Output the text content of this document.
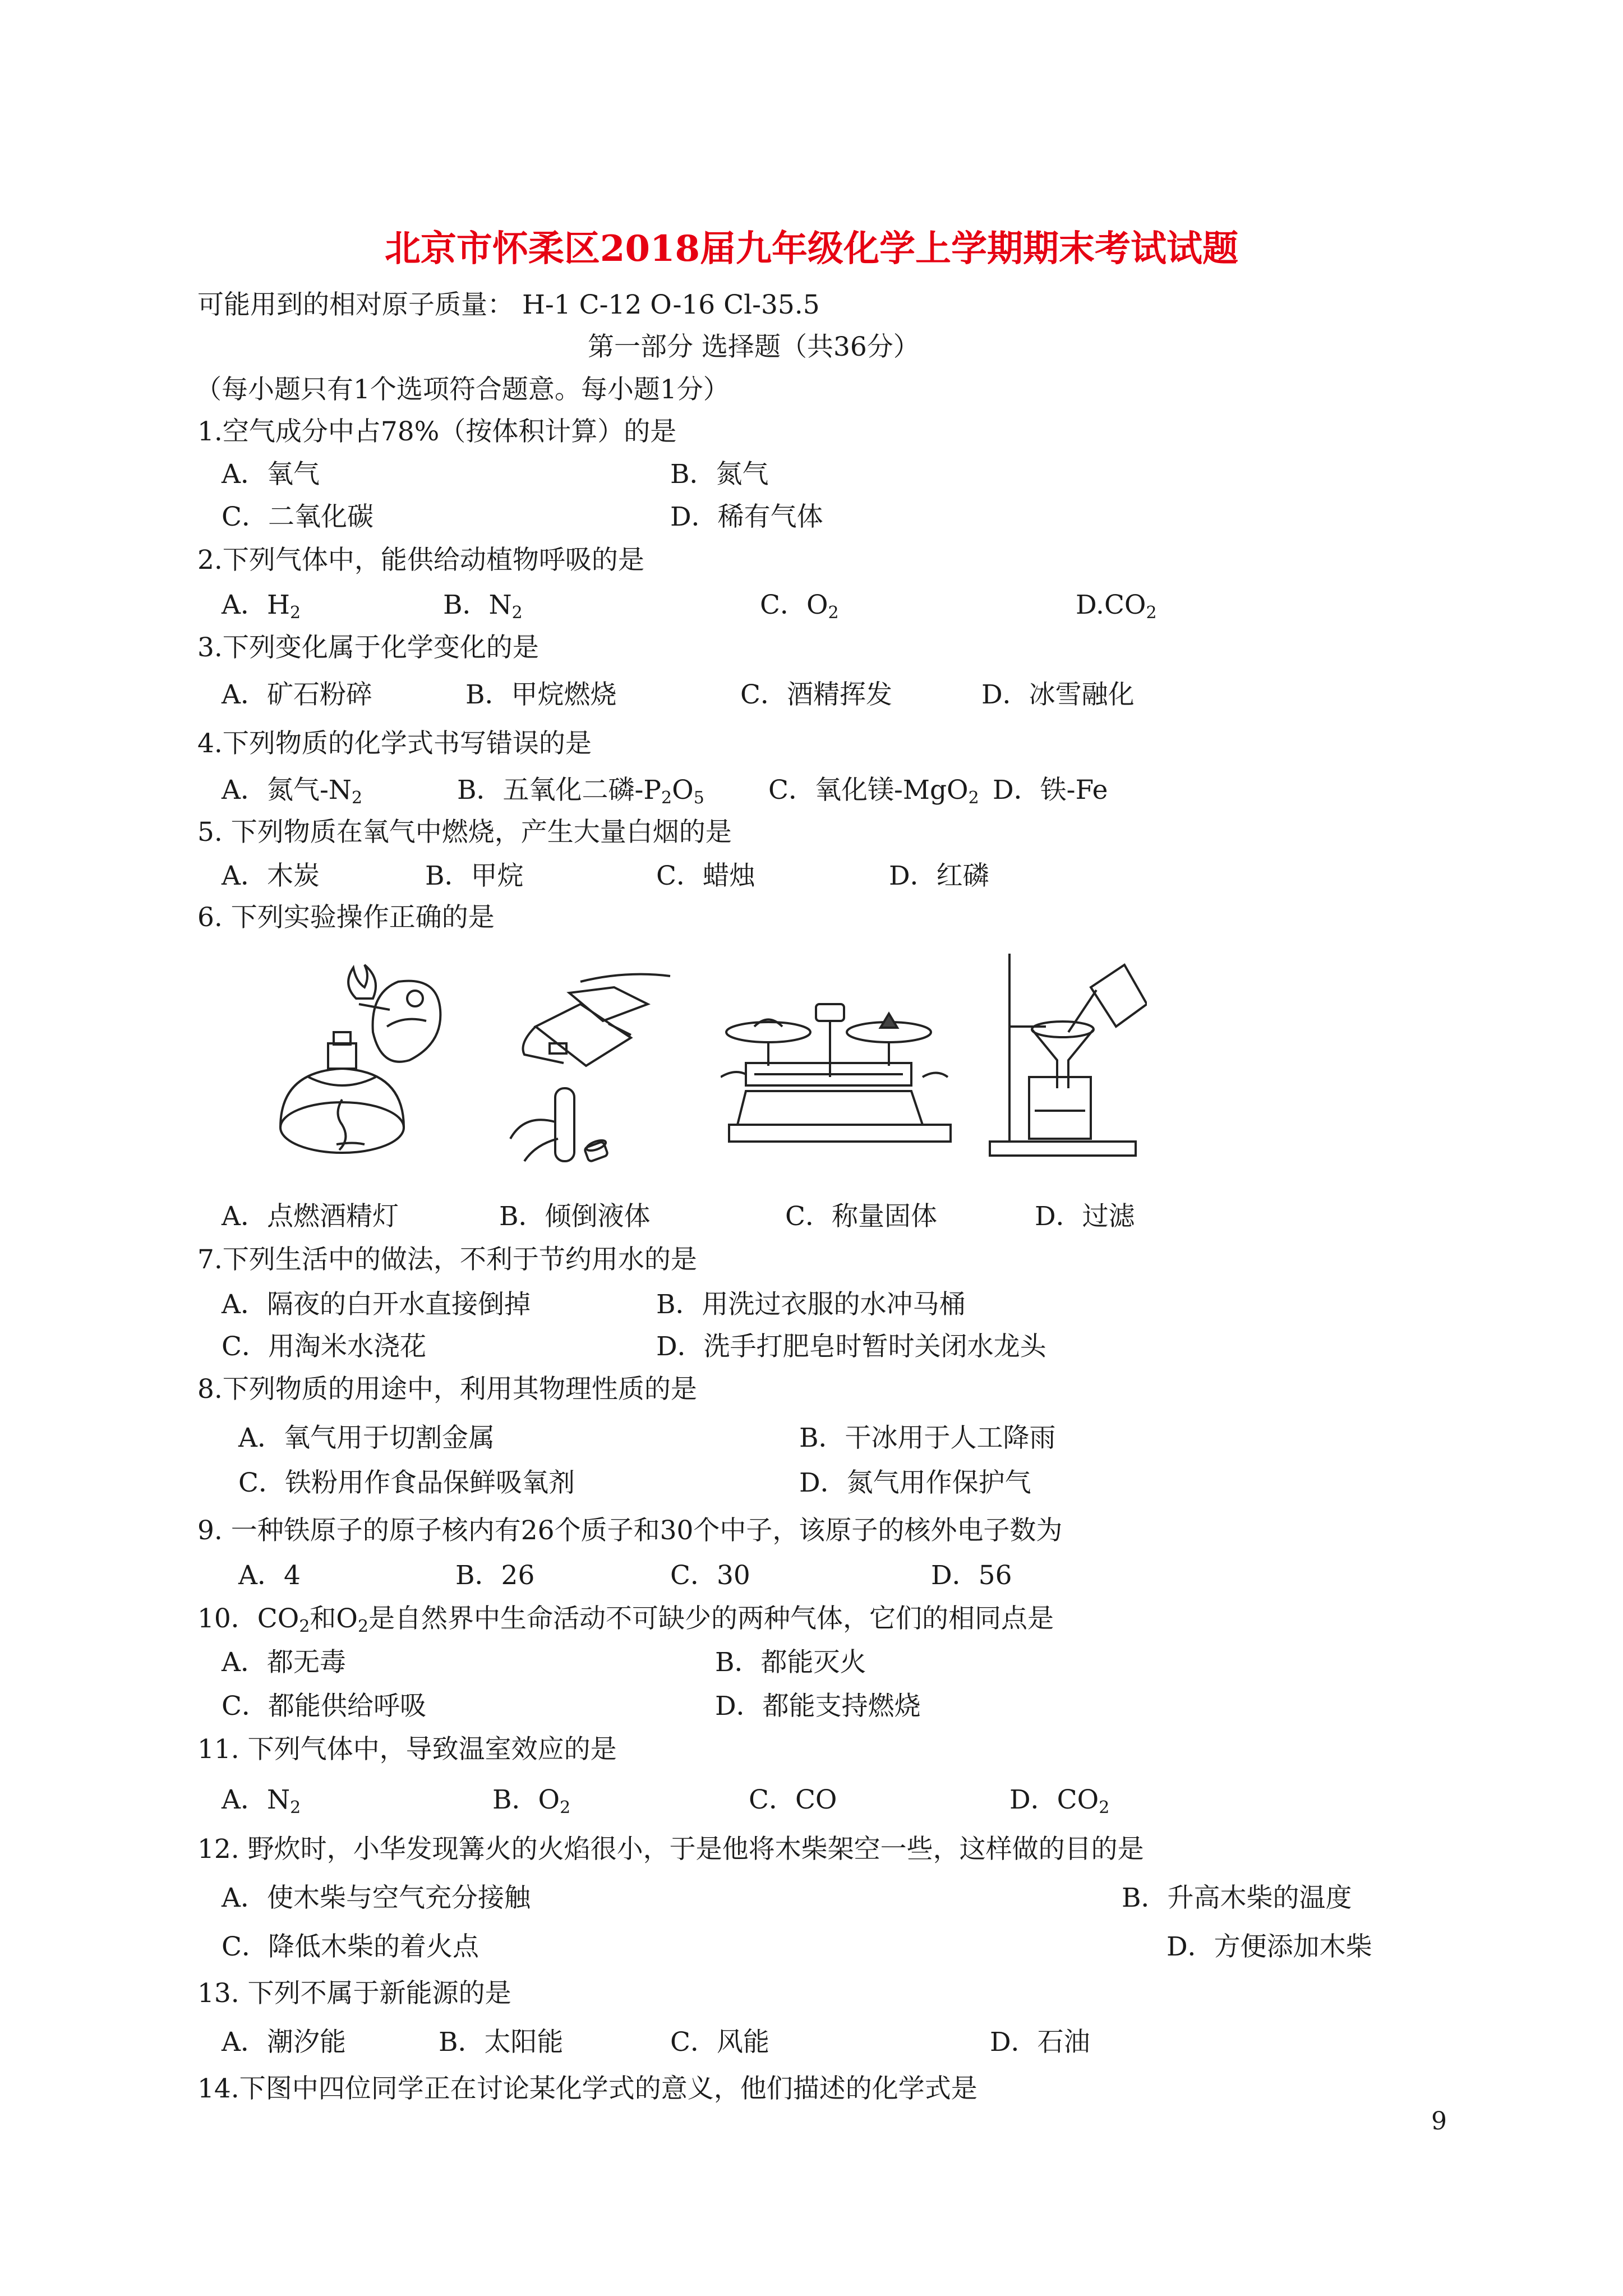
北京市怀柔区2018届九年级化学上学期期末考试试题
可能用到的相对原子质量： H-1 C-12 O-16 Cl-35.5
第一部分 选择题（共36分）
（每小题只有1个选项符合题意。每小题1分）
1.空气成分中占78%（按体积计算）的是
A．氧气	B．氮气
C．二氧化碳	D．稀有气体
2.下列气体中，能供给动植物呼吸的是
A．$H_2$	B．$N_2$	C．$O_2$	$D.CO_2$
3.下列变化属于化学变化的是
A．矿石粉碎	B．甲烷燃烧	C．酒精挥发	D．冰雪融化
4.下列物质的化学式书写错误的是
A．氮气$-N_2$	B．五氧化二磷$-P_2O_5$ C．氧化镁-MgO$_2$ D．铁-Fe
5. 下列物质在氧气中燃烧，产生大量白烟的是
A．木炭	B．甲烷	C．蜡烛	D．红磷
6. 下列实验操作正确的是
A．点燃酒精灯	B．倾倒液体	C．称量固体	D．过滤
7.下列生活中的做法，不利于节约用水的是
A．隔夜的白开水直接倒掉	B．用洗过衣服的水冲马桶
C．用淘米水浇花	D．洗手打肥皂时暂时关闭水龙头
8.下列物质的用途中，利用其物理性质的是
A．氧气用于切割金属	B．干冰用于人工降雨
C．铁粉用作食品保鲜吸氧剂	D．氮气用作保护气
9. 一种铁原子的原子核内有26个质子和30个中子，该原子的核外电子数为
A．4	B．26	C．30	D．56
10．$CO_2$和$O_2$是自然界中生命活动不可缺少的两种气体，它们的相同点是
A．都无毒	B．都能灭火
C．都能供给呼吸	D．都能支持燃烧
11. 下列气体中，导致温室效应的是
A．$N_2$	B．$O_2$	C．CO	D．$CO_2$
12. 野炊时，小华发现篝火的火焰很小，于是他将木柴架空一些，这样做的目的是
A．使木柴与空气充分接触	B．升高木柴的温度
C．降低木柴的着火点	D．方便添加木柴
13. 下列不属于新能源的是
A．潮汐能	B．太阳能	C．风能	D．石油
14.下图中四位同学正在讨论某化学式的意义，他们描述的化学式是
9
